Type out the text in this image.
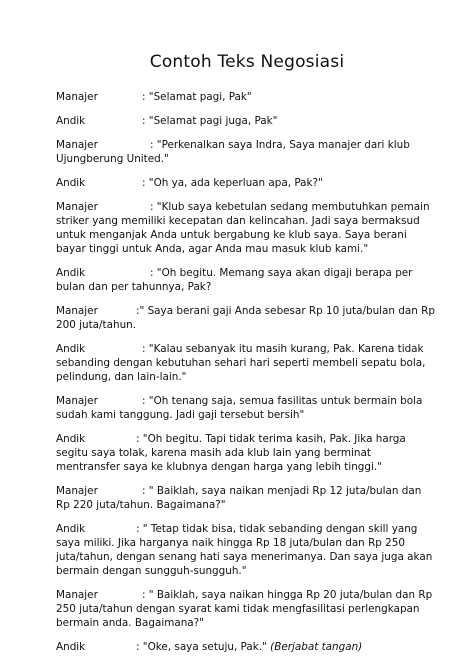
Contoh Teks Negosiasi

Manajer	: "Selamat pagi, Pak"

Andik	: "Selamat pagi juga, Pak"

Manajer	: "Perkenalkan saya Indra, Saya manajer dari klub Ujungberung United."

Andik	: "Oh ya, ada keperluan apa, Pak?"

Manajer	: "Klub saya kebetulan sedang membutuhkan pemain striker yang memiliki kecepatan dan kelincahan. Jadi saya bermaksud untuk menganjak Anda untuk bergabung ke klub saya. Saya berani bayar tinggi untuk Anda, agar Anda mau masuk klub kami."

Andik	: "Oh begitu. Memang saya akan digaji berapa per bulan dan per tahunnya, Pak?

Manajer	:" Saya berani gaji Anda sebesar Rp 10 juta/bulan dan Rp 200 juta/tahun.

Andik	: "Kalau sebanyak itu masih kurang, Pak. Karena tidak sebanding dengan kebutuhan sehari hari seperti membeli sepatu bola, pelindung, dan lain-lain."

Manajer	: "Oh tenang saja, semua fasilitas untuk bermain bola sudah kami tanggung. Jadi gaji tersebut bersih"

Andik	: "Oh begitu. Tapi tidak terima kasih, Pak. Jika harga segitu saya tolak, karena masih ada klub lain yang berminat mentransfer saya ke klubnya dengan harga yang lebih tinggi."

Manajer	: " Baiklah, saya naikan menjadi Rp 12 juta/bulan dan Rp 220 juta/tahun. Bagaimana?"

Andik	: " Tetap tidak bisa, tidak sebanding dengan skill yang saya miliki. Jika harganya naik hingga Rp 18 juta/bulan dan Rp 250 juta/tahun, dengan senang hati saya menerimanya. Dan saya juga akan bermain dengan sungguh-sungguh."

Manajer	: " Baiklah, saya naikan hingga Rp 20 juta/bulan dan Rp 250 juta/tahun dengan syarat kami tidak mengfasilitasi perlengkapan bermain anda. Bagaimana?"

Andik	: "Oke, saya setuju, Pak." (Berjabat tangan)
